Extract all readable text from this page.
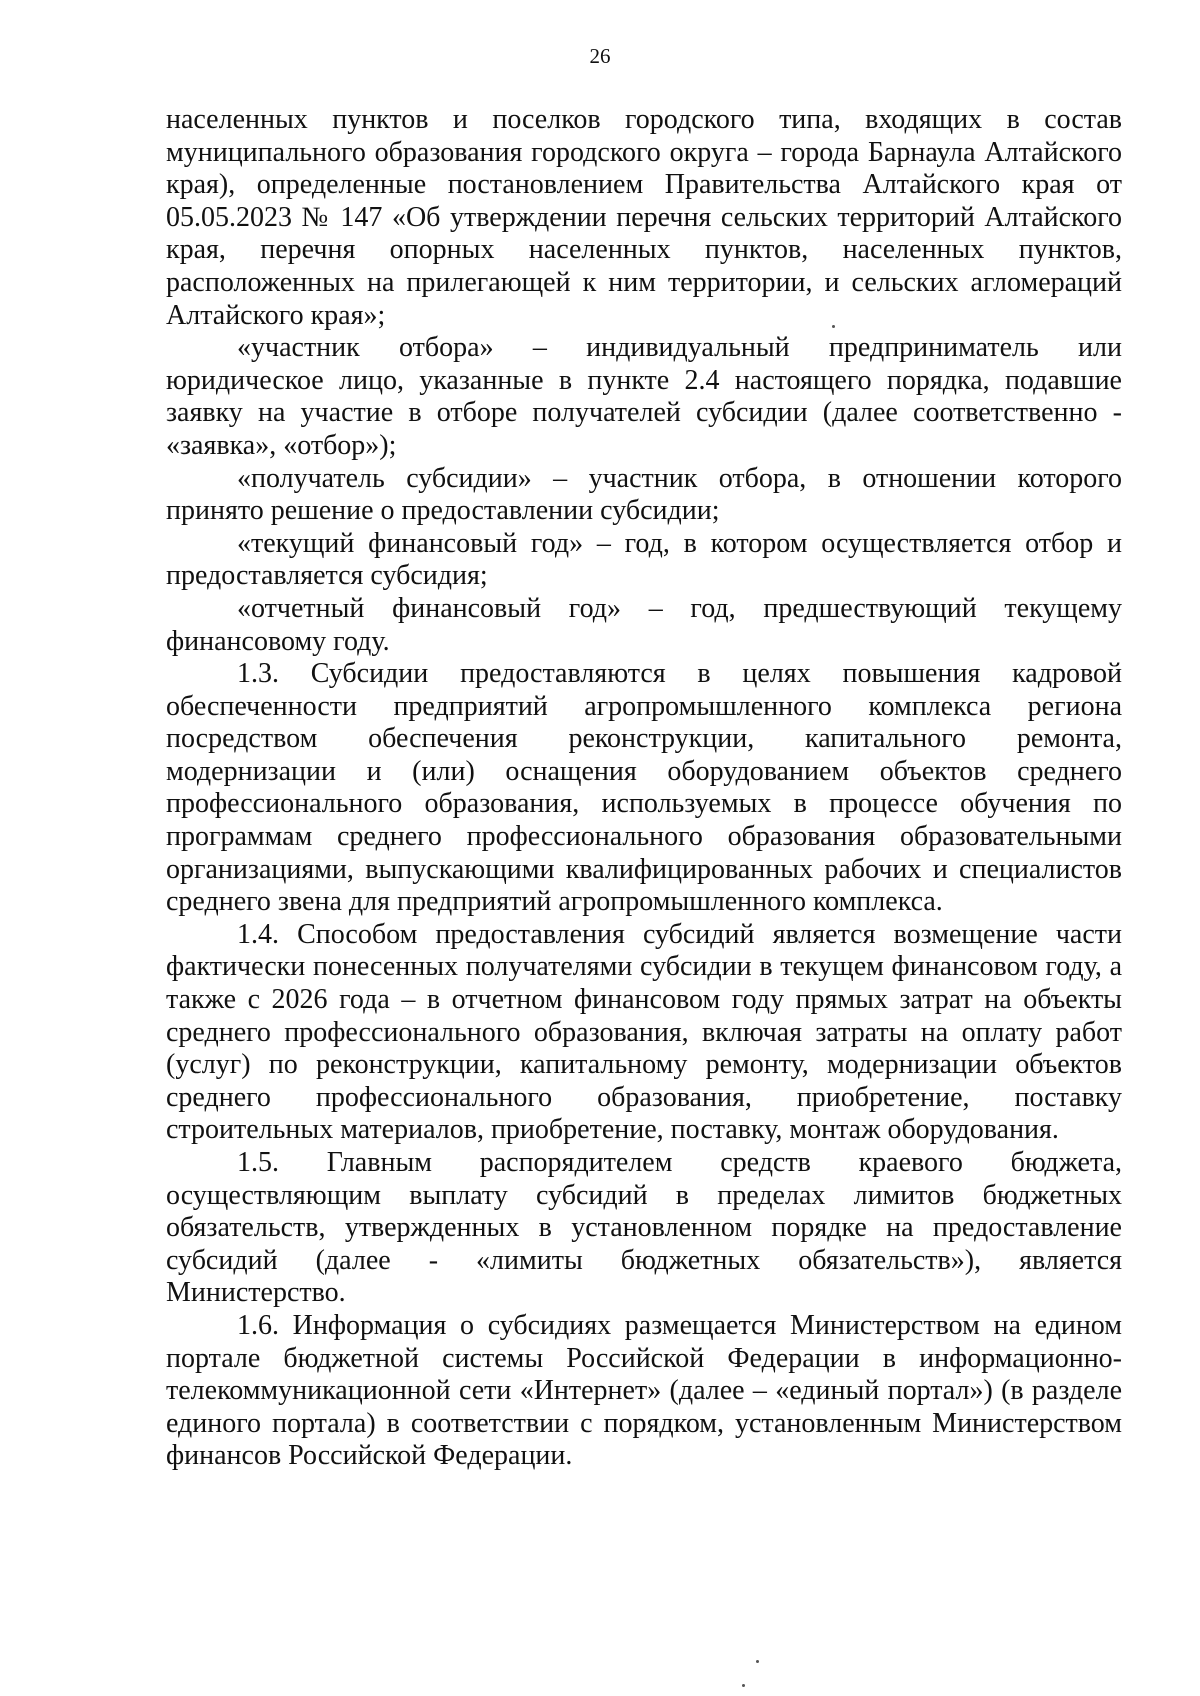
26

населенных пунктов и поселков городского типа, входящих в состав муниципального образования городского округа – города Барнаула Алтайского края), определенные постановлением Правительства Алтайского края от 05.05.2023 № 147 «Об утверждении перечня сельских территорий Алтайского края, перечня опорных населенных пунктов, населенных пунктов, расположенных на прилегающей к ним территории, и сельских агломераций Алтайского края»;

«участник отбора» – индивидуальный предприниматель или юридическое лицо, указанные в пункте 2.4 настоящего порядка, подавшие заявку на участие в отборе получателей субсидии (далее соответственно - «заявка», «отбор»);

«получатель субсидии» – участник отбора, в отношении которого принято решение о предоставлении субсидии;

«текущий финансовый год» – год, в котором осуществляется отбор и предоставляется субсидия;

«отчетный финансовый год» – год, предшествующий текущему финансовому году.

1.3. Субсидии предоставляются в целях повышения кадровой обеспеченности предприятий агропромышленного комплекса региона посредством обеспечения реконструкции, капитального ремонта, модернизации и (или) оснащения оборудованием объектов среднего профессионального образования, используемых в процессе обучения по программам среднего профессионального образования образовательными организациями, выпускающими квалифицированных рабочих и специалистов среднего звена для предприятий агропромышленного комплекса.

1.4. Способом предоставления субсидий является возмещение части фактически понесенных получателями субсидии в текущем финансовом году, а также с 2026 года – в отчетном финансовом году прямых затрат на объекты среднего профессионального образования, включая затраты на оплату работ (услуг) по реконструкции, капитальному ремонту, модернизации объектов среднего профессионального образования, приобретение, поставку строительных материалов, приобретение, поставку, монтаж оборудования.

1.5. Главным распорядителем средств краевого бюджета, осуществляющим выплату субсидий в пределах лимитов бюджетных обязательств, утвержденных в установленном порядке на предоставление субсидий (далее - «лимиты бюджетных обязательств»), является Министерство.

1.6. Информация о субсидиях размещается Министерством на едином портале бюджетной системы Российской Федерации в информационно-телекоммуникационной сети «Интернет» (далее – «единый портал») (в разделе единого портала) в соответствии с порядком, установленным Министерством финансов Российской Федерации.
